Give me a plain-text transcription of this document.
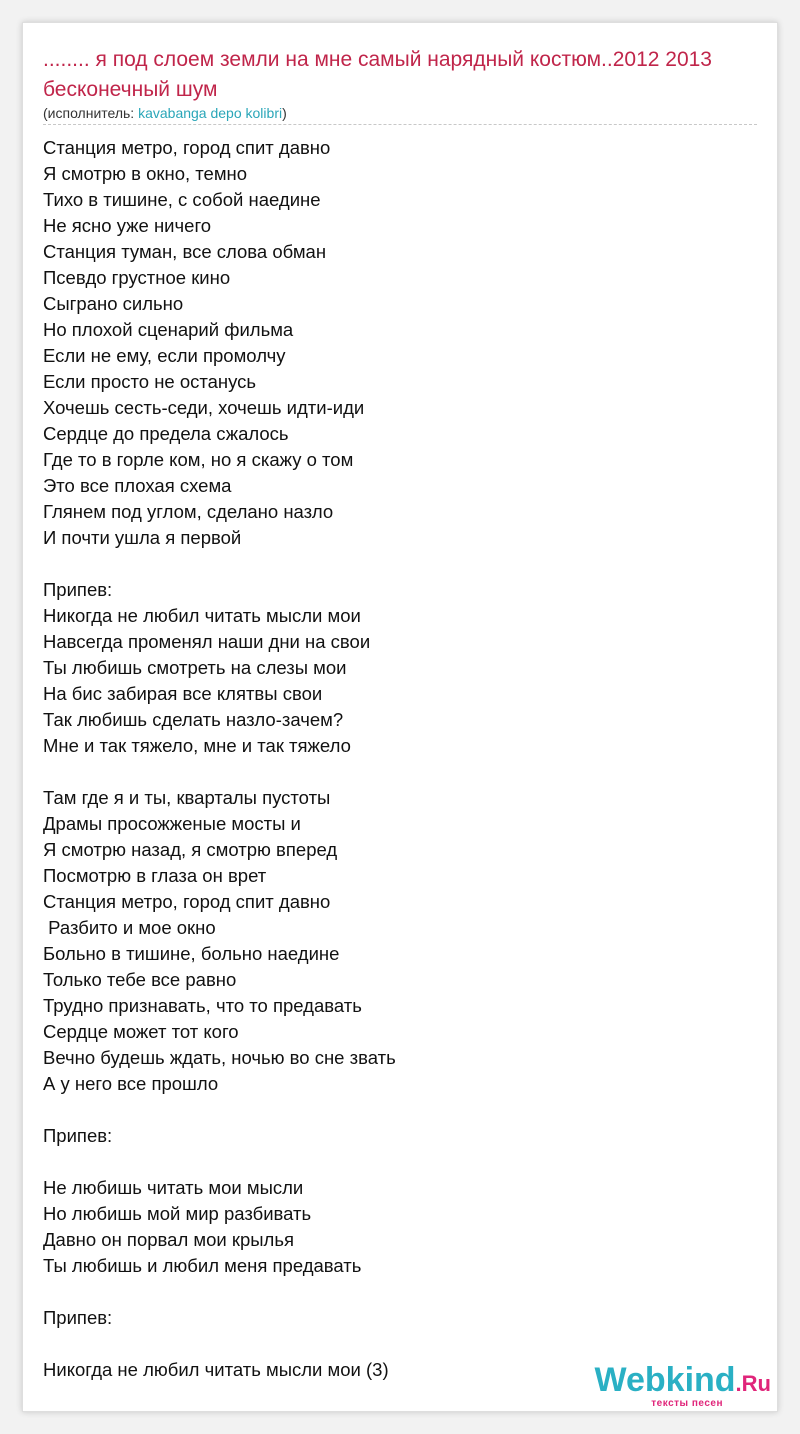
........ я под слоем земли на мне самый нарядный костюм..2012 2013 бесконечный шум
(исполнитель: kavabanga depo kolibri)
Станция метро, город спит давно
Я смотрю в окно, темно
Тихо в тишине, с собой наедине
Не ясно уже ничего
Станция туман, все слова обман
Псевдо грустное кино
Сыграно сильно
Но плохой сценарий фильма
Если не ему, если промолчу
Если просто не останусь
Хочешь сесть-седи, хочешь идти-иди
Сердце до предела сжалось
Где то в горле ком, но я скажу о том
Это все плохая схема
Глянем под углом, сделано назло
И почти ушла я первой
Припев:
Никогда не любил читать мысли мои
Навсегда променял наши дни на свои
Ты любишь смотреть на слезы мои
На бис забирая все клятвы свои
Так любишь сделать назло-зачем?
Мне и так тяжело, мне и так тяжело
Там где я и ты, кварталы пустоты
Драмы просожженые мосты и
Я смотрю назад, я смотрю вперед
Посмотрю в глаза он врет
Станция метро, город спит давно
Разбито и мое окно
Больно в тишине, больно наедине
Только тебе все равно
Трудно признавать, что то предавать
Сердце может тот кого
Вечно будешь ждать, ночью во сне звать
А у него все прошло
Припев:
Не любишь читать мои мысли
Но любишь мой мир разбивать
Давно он порвал мои крылья
Ты любишь и любил меня предавать
Припев:
Никогда не любил читать мысли мои (3)	Webkind.Ru
тексты песен
